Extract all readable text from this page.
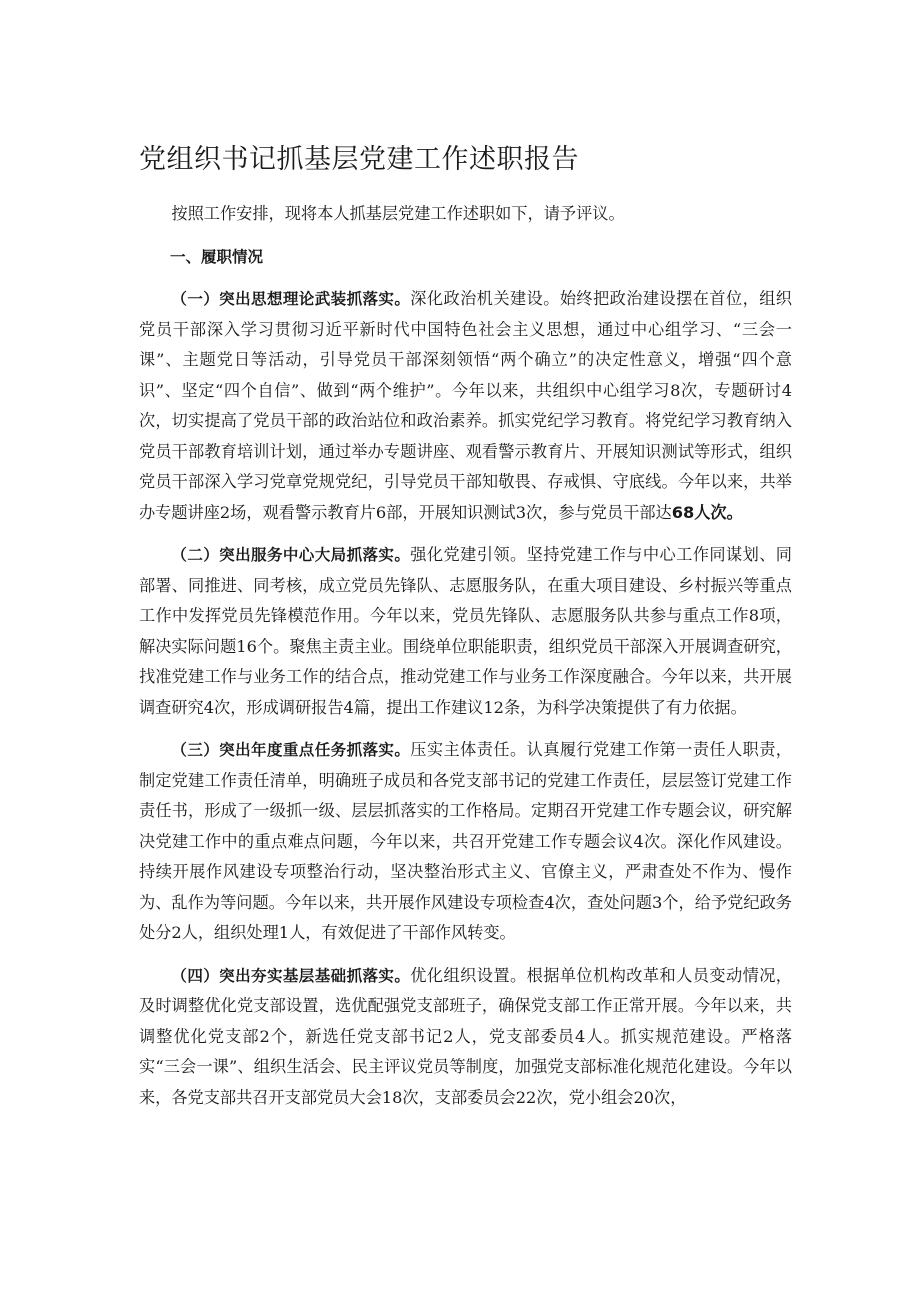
党组织书记抓基层党建工作述职报告

按照工作安排，现将本人抓基层党建工作述职如下，请予评议。

一、履职情况

（一）突出思想理论武装抓落实。深化政治机关建设。始终把政治建设摆在首位，组织党员干部深入学习贯彻习近平新时代中国特色社会主义思想，通过中心组学习、“三会一课”、主题党日等活动，引导党员干部深刻领悟“两个确立”的决定性意义，增强“四个意识”、坚定“四个自信”、做到“两个维护”。今年以来，共组织中心组学习8次，专题研讨4次，切实提高了党员干部的政治站位和政治素养。抓实党纪学习教育。将党纪学习教育纳入党员干部教育培训计划，通过举办专题讲座、观看警示教育片、开展知识测试等形式，组织党员干部深入学习党章党规党纪，引导党员干部知敬畏、存戒惧、守底线。今年以来，共举办专题讲座2场，观看警示教育片6部，开展知识测试3次，参与党员干部达68人次。

（二）突出服务中心大局抓落实。强化党建引领。坚持党建工作与中心工作同谋划、同部署、同推进、同考核，成立党员先锋队、志愿服务队，在重大项目建设、乡村振兴等重点工作中发挥党员先锋模范作用。今年以来，党员先锋队、志愿服务队共参与重点工作8项，解决实际问题16个。聚焦主责主业。围绕单位职能职责，组织党员干部深入开展调查研究，找准党建工作与业务工作的结合点，推动党建工作与业务工作深度融合。今年以来，共开展调查研究4次，形成调研报告4篇，提出工作建议12条，为科学决策提供了有力依据。

（三）突出年度重点任务抓落实。压实主体责任。认真履行党建工作第一责任人职责，制定党建工作责任清单，明确班子成员和各党支部书记的党建工作责任，层层签订党建工作责任书，形成了一级抓一级、层层抓落实的工作格局。定期召开党建工作专题会议，研究解决党建工作中的重点难点问题，今年以来，共召开党建工作专题会议4次。深化作风建设。持续开展作风建设专项整治行动，坚决整治形式主义、官僚主义，严肃查处不作为、慢作为、乱作为等问题。今年以来，共开展作风建设专项检查4次，查处问题3个，给予党纪政务处分2人，组织处理1人，有效促进了干部作风转变。

（四）突出夯实基层基础抓落实。优化组织设置。根据单位机构改革和人员变动情况，及时调整优化党支部设置，选优配强党支部班子，确保党支部工作正常开展。今年以来，共调整优化党支部2个，新选任党支部书记2人，党支部委员4人。抓实规范建设。严格落实“三会一课”、组织生活会、民主评议党员等制度，加强党支部标准化规范化建设。今年以来，各党支部共召开支部党员大会18次，支部委员会22次，党小组会20次，
